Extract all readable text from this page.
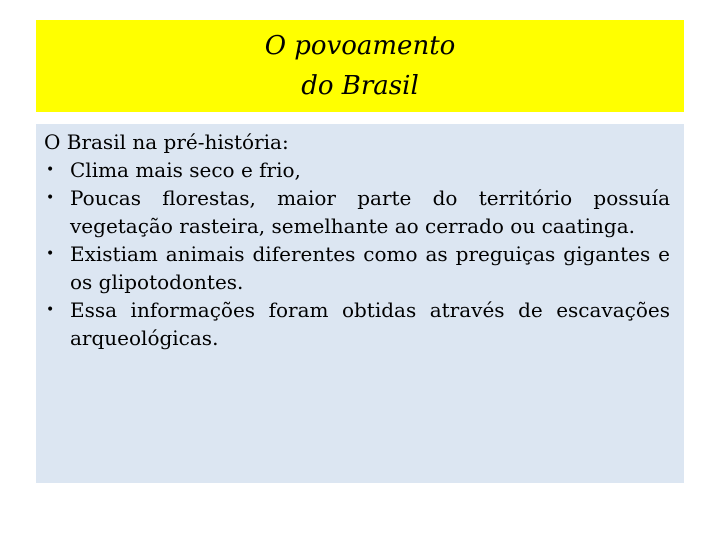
O povoamento
do Brasil

O Brasil na pré-história:

• Clima mais seco e frio,
• Poucas florestas, maior parte do território possuía vegetação rasteira, semelhante ao cerrado ou caatinga.
• Existiam animais diferentes como as preguiças gigantes e os glipotodontes.
• Essa informações foram obtidas através de escavações arqueológicas.
